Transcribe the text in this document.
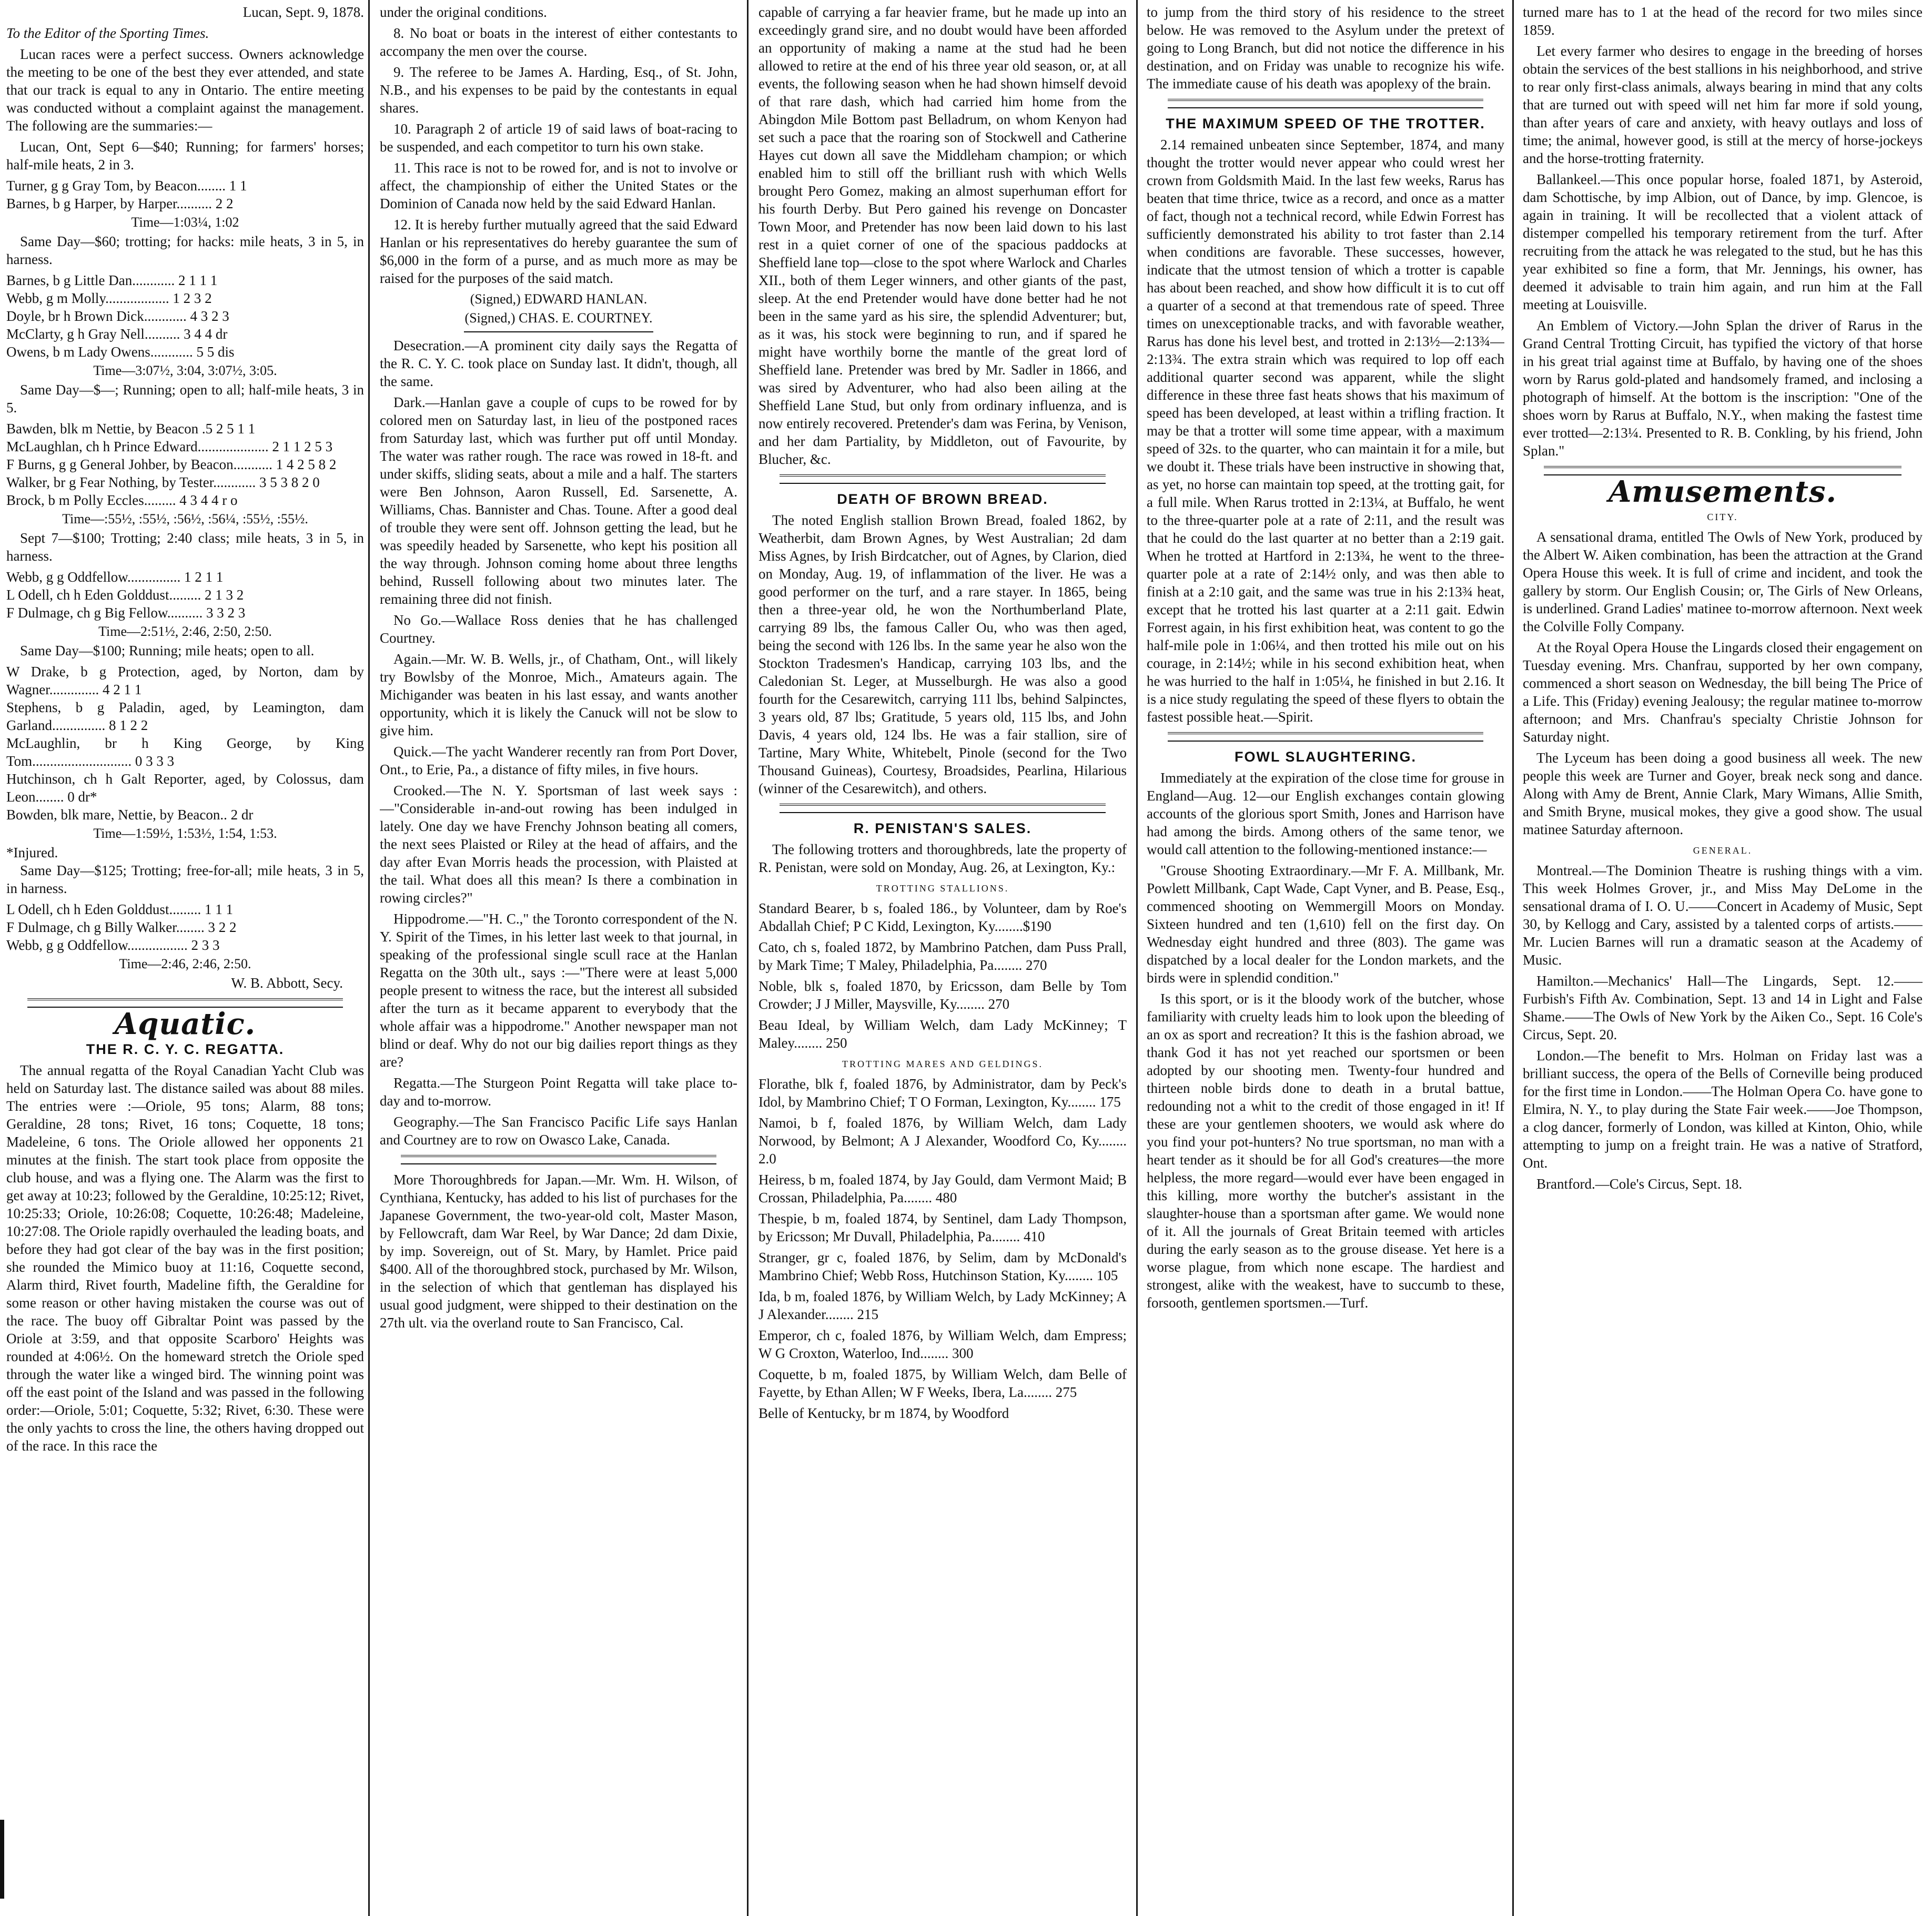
Lucan, Sept. 9, 1878.

To the Editor of the Sporting Times.

Lucan races were a perfect success. Owners acknowledge the meeting to be one of the best they ever attended, and state that our track is equal to any in Ontario. The entire meeting was conducted without a complaint against the management. The following are the summaries:—

Lucan, Ont, Sept 6—$40; Running; for farmers' horses; half-mile heats, 2 in 3.

Turner, g g Gray Tom, by Beacon........ 1 1
Barnes, b g Harper, by Harper.......... 2 2
Time—1:03¼, 1:02

Same Day—$60; trotting; for hacks: mile heats, 3 in 5, in harness.

Barnes, b g Little Dan............ 2 1 1 1
Webb, g m Molly.................. 1 2 3 2
Doyle, br h Brown Dick............ 4 3 2 3
McClarty, g h Gray Nell.......... 3 4 4 dr
Owens, b m Lady Owens............ 5 5 dis
Time—3:07½, 3:04, 3:07½, 3:05.

Same Day—$—; Running; open to all; half-mile heats, 3 in 5.

Bawden, blk m Nettie, by Beacon .5 2 5 1 1
McLaughlan, ch h Prince Edward.................... 2 1 1 2 5 3
F Burns, g g General Johber, by Beacon........... 1 4 2 5 8 2
Walker, br g Fear Nothing, by Tester............ 3 5 3 8 2 0
Brock, b m Polly Eccles......... 4 3 4 4 r o
Time—:55½, :55½, :56½, :56¼, :55½, :55½.

Sept 7—$100; Trotting; 2:40 class; mile heats, 3 in 5, in harness.

Webb, g g Oddfellow............... 1 2 1 1
L Odell, ch h Eden Golddust......... 2 1 3 2
F Dulmage, ch g Big Fellow.......... 3 3 2 3
Time—2:51½, 2:46, 2:50, 2:50.

Same Day—$100; Running; mile heats; open to all.

W Drake, b g Protection, aged, by Norton, dam by Wagner.............. 4 2 1 1
Stephens, b g Paladin, aged, by Leamington, dam Garland............... 8 1 2 2
McLaughlin, br h King George, by King Tom............................ 0 3 3 3
Hutchinson, ch h Galt Reporter, aged, by Colossus, dam Leon........ 0 dr*
Bowden, blk mare, Nettie, by Beacon.. 2 dr
Time—1:59½, 1:53½, 1:54, 1:53.
*Injured.

Same Day—$125; Trotting; free-for-all; mile heats, 3 in 5, in harness.

L Odell, ch h Eden Golddust......... 1 1 1
F Dulmage, ch g Billy Walker........ 3 2 2
Webb, g g Oddfellow................. 2 3 3
Time—2:46, 2:46, 2:50.
W. B. Abbott, Secy.
Aquatic.
THE R. C. Y. C. REGATTA.

The annual regatta of the Royal Canadian Yacht Club was held on Saturday last. The distance sailed was about 88 miles. The entries were :—Oriole, 95 tons; Alarm, 88 tons; Geraldine, 28 tons; Rivet, 16 tons; Coquette, 18 tons; Madeleine, 6 tons. The Oriole allowed her opponents 21 minutes at the finish. The start took place from opposite the club house, and was a flying one. The Alarm was the first to get away at 10:23; followed by the Geraldine, 10:25:12; Rivet, 10:25:33; Oriole, 10:26:08; Coquette, 10:26:48; Madeleine, 10:27:08. The Oriole rapidly overhauled the leading boats, and before they had got clear of the bay was in the first position; she rounded the Mimico buoy at 11:16, Coquette second, Alarm third, Rivet fourth, Madeline fifth, the Geraldine for some reason or other having mistaken the course was out of the race. The buoy off Gibraltar Point was passed by the Oriole at 3:59, and that opposite Scarboro' Heights was rounded at 4:06½. On the homeward stretch the Oriole sped through the water like a winged bird. The winning point was off the east point of the Island and was passed in the following order:—Oriole, 5:01; Coquette, 5:32; Rivet, 6:30. These were the only yachts to cross the line, the others having dropped out of the race. In this race the

under the original conditions.

8. No boat or boats in the interest of either contestants to accompany the men over the course.

9. The referee to be James A. Harding, Esq., of St. John, N.B., and his expenses to be paid by the contestants in equal shares.

10. Paragraph 2 of article 19 of said laws of boat-racing to be suspended, and each competitor to turn his own stake.

11. This race is not to be rowed for, and is not to involve or affect, the championship of either the United States or the Dominion of Canada now held by the said Edward Hanlan.

12. It is hereby further mutually agreed that the said Edward Hanlan or his representatives do hereby guarantee the sum of $6,000 in the form of a purse, and as much more as may be raised for the purposes of the said match.

(Signed,) EDWARD HANLAN.
(Signed,) CHAS. E. COURTNEY.

Desecration.—A prominent city daily says the Regatta of the R. C. Y. C. took place on Sunday last. It didn't, though, all the same.

Dark.—Hanlan gave a couple of cups to be rowed for by colored men on Saturday last, in lieu of the postponed races from Saturday last, which was further put off until Monday. The water was rather rough. The race was rowed in 18-ft. and under skiffs, sliding seats, about a mile and a half. The starters were Ben Johnson, Aaron Russell, Ed. Sarsenette, A. Williams, Chas. Bannister and Chas. Toune. After a good deal of trouble they were sent off. Johnson getting the lead, but he was speedily headed by Sarsenette, who kept his position all the way through. Johnson coming home about three lengths behind, Russell following about two minutes later. The remaining three did not finish.

No Go.—Wallace Ross denies that he has challenged Courtney.

Again.—Mr. W. B. Wells, jr., of Chatham, Ont., will likely try Bowlsby of the Monroe, Mich., Amateurs again. The Michigander was beaten in his last essay, and wants another opportunity, which it is likely the Canuck will not be slow to give him.

Quick.—The yacht Wanderer recently ran from Port Dover, Ont., to Erie, Pa., a distance of fifty miles, in five hours.

Crooked.—The N. Y. Sportsman of last week says :—"Considerable in-and-out rowing has been indulged in lately. One day we have Frenchy Johnson beating all comers, the next sees Plaisted or Riley at the head of affairs, and the day after Evan Morris heads the procession, with Plaisted at the tail. What does all this mean? Is there a combination in rowing circles?"

Hippodrome.—"H. C.," the Toronto correspondent of the N. Y. Spirit of the Times, in his letter last week to that journal, in speaking of the professional single scull race at the Hanlan Regatta on the 30th ult., says :—"There were at least 5,000 people present to witness the race, but the interest all subsided after the turn as it became apparent to everybody that the whole affair was a hippodrome." Another newspaper man not blind or deaf. Why do not our big dailies report things as they are?

Regatta.—The Sturgeon Point Regatta will take place to-day and to-morrow.

Geography.—The San Francisco Pacific Life says Hanlan and Courtney are to row on Owasco Lake, Canada.

More Thoroughbreds for Japan.—Mr. Wm. H. Wilson, of Cynthiana, Kentucky, has added to his list of purchases for the Japanese Government, the two-year-old colt, Master Mason, by Fellowcraft, dam War Reel, by War Dance; 2d dam Dixie, by imp. Sovereign, out of St. Mary, by Hamlet. Price paid $400. All of the thoroughbred stock, purchased by Mr. Wilson, in the selection of which that gentleman has displayed his usual good judgment, were shipped to their destination on the 27th ult. via the overland route to San Francisco, Cal.

capable of carrying a far heavier frame, but he made up into an exceedingly grand sire, and no doubt would have been afforded an opportunity of making a name at the stud had he been allowed to retire at the end of his three year old season, or, at all events, the following season when he had shown himself devoid of that rare dash, which had carried him home from the Abingdon Mile Bottom past Belladrum, on whom Kenyon had set such a pace that the roaring son of Stockwell and Catherine Hayes cut down all save the Middleham champion; or which enabled him to still off the brilliant rush with which Wells brought Pero Gomez, making an almost superhuman effort for his fourth Derby. But Pero gained his revenge on Doncaster Town Moor, and Pretender has now been laid down to his last rest in a quiet corner of one of the spacious paddocks at Sheffield lane top—close to the spot where Warlock and Charles XII., both of them Leger winners, and other giants of the past, sleep. At the end Pretender would have done better had he not been in the same yard as his sire, the splendid Adventurer; but, as it was, his stock were beginning to run, and if spared he might have worthily borne the mantle of the great lord of Sheffield lane. Pretender was bred by Mr. Sadler in 1866, and was sired by Adventurer, who had also been ailing at the Sheffield Lane Stud, but only from ordinary influenza, and is now entirely recovered. Pretender's dam was Ferina, by Venison, and her dam Partiality, by Middleton, out of Favourite, by Blucher, &c.

DEATH OF BROWN BREAD.

The noted English stallion Brown Bread, foaled 1862, by Weatherbit, dam Brown Agnes, by West Australian; 2d dam Miss Agnes, by Irish Birdcatcher, out of Agnes, by Clarion, died on Monday, Aug. 19, of inflammation of the liver. He was a good performer on the turf, and a rare stayer. In 1865, being then a three-year old, he won the Northumberland Plate, carrying 89 lbs, the famous Caller Ou, who was then aged, being the second with 126 lbs. In the same year he also won the Stockton Tradesmen's Handicap, carrying 103 lbs, and the Caledonian St. Leger, at Musselburgh. He was also a good fourth for the Cesarewitch, carrying 111 lbs, behind Salpinctes, 3 years old, 87 lbs; Gratitude, 5 years old, 115 lbs, and John Davis, 4 years old, 124 lbs. He was a fair stallion, sire of Tartine, Mary White, Whitebelt, Pinole (second for the Two Thousand Guineas), Courtesy, Broadsides, Pearlina, Hilarious (winner of the Cesarewitch), and others.

R. PENISTAN'S SALES.

The following trotters and thoroughbreds, late the property of R. Penistan, were sold on Monday, Aug. 26, at Lexington, Ky.:

TROTTING STALLIONS.

Standard Bearer, b s, foaled 186., by Volunteer, dam by Roe's Abdallah Chief; P C Kidd, Lexington, Ky........$190

Cato, ch s, foaled 1872, by Mambrino Patchen, dam Puss Prall, by Mark Time; T Maley, Philadelphia, Pa........ 270

Noble, blk s, foaled 1870, by Ericsson, dam Belle by Tom Crowder; J J Miller, Maysville, Ky........ 270

Beau Ideal, by William Welch, dam Lady McKinney; T Maley........ 250

TROTTING MARES AND GELDINGS.

Florathe, blk f, foaled 1876, by Administrator, dam by Peck's Idol, by Mambrino Chief; T O Forman, Lexington, Ky........ 175

Namoi, b f, foaled 1876, by William Welch, dam Lady Norwood, by Belmont; A J Alexander, Woodford Co, Ky........ 2.0

Heiress, b m, foaled 1874, by Jay Gould, dam Vermont Maid; B Crossan, Philadelphia, Pa........ 480

Thespie, b m, foaled 1874, by Sentinel, dam Lady Thompson, by Ericsson; Mr Duvall, Philadelphia, Pa........ 410

Stranger, gr c, foaled 1876, by Selim, dam by McDonald's Mambrino Chief; Webb Ross, Hutchinson Station, Ky........ 105

Ida, b m, foaled 1876, by William Welch, by Lady McKinney; A J Alexander........ 215

Emperor, ch c, foaled 1876, by William Welch, dam Empress; W G Croxton, Waterloo, Ind........ 300

Coquette, b m, foaled 1875, by William Welch, dam Belle of Fayette, by Ethan Allen; W F Weeks, Ibera, La........ 275

Belle of Kentucky, br m 1874, by Woodford

to jump from the third story of his residence to the street below. He was removed to the Asylum under the pretext of going to Long Branch, but did not notice the difference in his destination, and on Friday was unable to recognize his wife. The immediate cause of his death was apoplexy of the brain.

THE MAXIMUM SPEED OF THE TROTTER.

2.14 remained unbeaten since September, 1874, and many thought the trotter would never appear who could wrest her crown from Goldsmith Maid. In the last few weeks, Rarus has beaten that time thrice, twice as a record, and once as a matter of fact, though not a technical record, while Edwin Forrest has sufficiently demonstrated his ability to trot faster than 2.14 when conditions are favorable. These successes, however, indicate that the utmost tension of which a trotter is capable has about been reached, and show how difficult it is to cut off a quarter of a second at that tremendous rate of speed. Three times on unexceptionable tracks, and with favorable weather, Rarus has done his level best, and trotted in 2:13½—2:13¾—2:13¾. The extra strain which was required to lop off each additional quarter second was apparent, while the slight difference in these three fast heats shows that his maximum of speed has been developed, at least within a trifling fraction. It may be that a trotter will some time appear, with a maximum speed of 32s. to the quarter, who can maintain it for a mile, but we doubt it. These trials have been instructive in showing that, as yet, no horse can maintain top speed, at the trotting gait, for a full mile. When Rarus trotted in 2:13¼, at Buffalo, he went to the three-quarter pole at a rate of 2:11, and the result was that he could do the last quarter at no better than a 2:19 gait. When he trotted at Hartford in 2:13¾, he went to the three-quarter pole at a rate of 2:14½ only, and was then able to finish at a 2:10 gait, and the same was true in his 2:13¾ heat, except that he trotted his last quarter at a 2:11 gait. Edwin Forrest again, in his first exhibition heat, was content to go the half-mile pole in 1:06¼, and then trotted his mile out on his courage, in 2:14½; while in his second exhibition heat, when he was hurried to the half in 1:05¼, he finished in but 2.16. It is a nice study regulating the speed of these flyers to obtain the fastest possible heat.—Spirit.

FOWL SLAUGHTERING.

Immediately at the expiration of the close time for grouse in England—Aug. 12—our English exchanges contain glowing accounts of the glorious sport Smith, Jones and Harrison have had among the birds. Among others of the same tenor, we would call attention to the following-mentioned instance:—

"Grouse Shooting Extraordinary.—Mr F. A. Millbank, Mr. Powlett Millbank, Capt Wade, Capt Vyner, and B. Pease, Esq., commenced shooting on Wemmergill Moors on Monday. Sixteen hundred and ten (1,610) fell on the first day. On Wednesday eight hundred and three (803). The game was dispatched by a local dealer for the London markets, and the birds were in splendid condition."

Is this sport, or is it the bloody work of the butcher, whose familiarity with cruelty leads him to look upon the bleeding of an ox as sport and recreation? It this is the fashion abroad, we thank God it has not yet reached our sportsmen or been adopted by our shooting men. Twenty-four hundred and thirteen noble birds done to death in a brutal battue, redounding not a whit to the credit of those engaged in it! If these are your gentlemen shooters, we would ask where do you find your pot-hunters? No true sportsman, no man with a heart tender as it should be for all God's creatures—the more helpless, the more regard—would ever have been engaged in this killing, more worthy the butcher's assistant in the slaughter-house than a sportsman after game. We would none of it. All the journals of Great Britain teemed with articles during the early season as to the grouse disease. Yet here is a worse plague, from which none escape. The hardiest and strongest, alike with the weakest, have to succumb to these, forsooth, gentlemen sportsmen.—Turf.

turned mare has to 1 at the head of the record for two miles since 1859.

Let every farmer who desires to engage in the breeding of horses obtain the services of the best stallions in his neighborhood, and strive to rear only first-class animals, always bearing in mind that any colts that are turned out with speed will net him far more if sold young, than after years of care and anxiety, with heavy outlays and loss of time; the animal, however good, is still at the mercy of horse-jockeys and the horse-trotting fraternity.

Ballankeel.—This once popular horse, foaled 1871, by Asteroid, dam Schottische, by imp Albion, out of Dance, by imp. Glencoe, is again in training. It will be recollected that a violent attack of distemper compelled his temporary retirement from the turf. After recruiting from the attack he was relegated to the stud, but he has this year exhibited so fine a form, that Mr. Jennings, his owner, has deemed it advisable to train him again, and run him at the Fall meeting at Louisville.

An Emblem of Victory.—John Splan the driver of Rarus in the Grand Central Trotting Circuit, has typified the victory of that horse in his great trial against time at Buffalo, by having one of the shoes worn by Rarus gold-plated and handsomely framed, and inclosing a photograph of himself. At the bottom is the inscription: "One of the shoes worn by Rarus at Buffalo, N.Y., when making the fastest time ever trotted—2:13¼. Presented to R. B. Conkling, by his friend, John Splan."

Amusements.
CITY.

A sensational drama, entitled The Owls of New York, produced by the Albert W. Aiken combination, has been the attraction at the Grand Opera House this week. It is full of crime and incident, and took the gallery by storm. Our English Cousin; or, The Girls of New Orleans, is underlined. Grand Ladies' matinee to-morrow afternoon. Next week the Colville Folly Company.

At the Royal Opera House the Lingards closed their engagement on Tuesday evening. Mrs. Chanfrau, supported by her own company, commenced a short season on Wednesday, the bill being The Price of a Life. This (Friday) evening Jealousy; the regular matinee to-morrow afternoon; and Mrs. Chanfrau's specialty Christie Johnson for Saturday night.

The Lyceum has been doing a good business all week. The new people this week are Turner and Goyer, break neck song and dance. Along with Amy de Brent, Annie Clark, Mary Wimans, Allie Smith, and Smith Bryne, musical mokes, they give a good show. The usual matinee Saturday afternoon.

GENERAL.

Montreal.—The Dominion Theatre is rushing things with a vim. This week Holmes Grover, jr., and Miss May DeLome in the sensational drama of I. O. U.——Concert in Academy of Music, Sept 30, by Kellogg and Cary, assisted by a talented corps of artists.——Mr. Lucien Barnes will run a dramatic season at the Academy of Music.

Hamilton.—Mechanics' Hall—The Lingards, Sept. 12.——Furbish's Fifth Av. Combination, Sept. 13 and 14 in Light and False Shame.——The Owls of New York by the Aiken Co., Sept. 16 Cole's Circus, Sept. 20.

London.—The benefit to Mrs. Holman on Friday last was a brilliant success, the opera of the Bells of Corneville being produced for the first time in London.——The Holman Opera Co. have gone to Elmira, N. Y., to play during the State Fair week.——Joe Thompson, a clog dancer, formerly of London, was killed at Kinton, Ohio, while attempting to jump on a freight train. He was a native of Stratford, Ont.

Brantford.—Cole's Circus, Sept. 18.
